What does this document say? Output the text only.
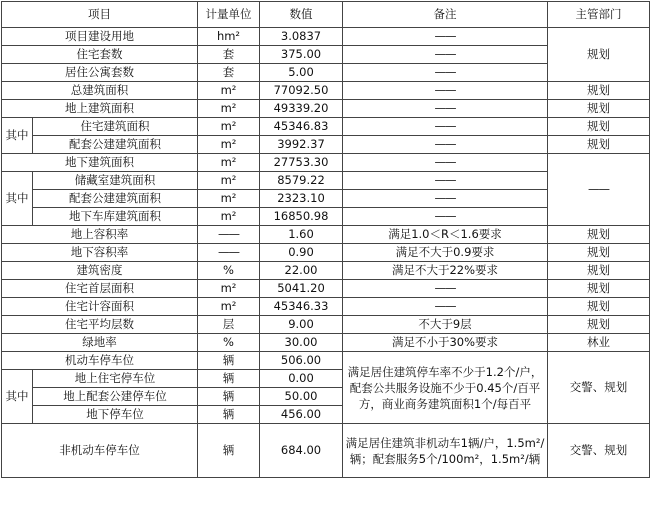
项目		计量单位	数值	备注	主管部门
项目建设用地		hm²	3.0837	——	规划
住宅套数		套	375.00	——	
居住公寓套数		套	5.00	——	
总建筑面积		m²	77092.50	——	规划
地上建筑面积		m²	49339.20	——	规划
其中	住宅建筑面积	m²	45346.83	——	规划
	配套公建建筑面积	m²	3992.37	——	规划
地下建筑面积		m²	27753.30	——	——
其中	储藏室建筑面积	m²	8579.22	——	
	配套公建建筑面积	m²	2323.10	——	
	地下车库建筑面积	m²	16850.98	——	
地上容积率		——	1.60	满足1.0＜R＜1.6要求	规划
地下容积率		——	0.90	满足不大于0.9要求	规划
建筑密度		%	22.00	满足不大于22%要求	规划
住宅首层面积		m²	5041.20	——	规划
住宅计容面积		m²	45346.33	——	规划
住宅平均层数		层	9.00	不大于9层	规划
绿地率		%	30.00	满足不小于30%要求	林业
机动车停车位		辆	506.00	满足居住建筑停车率不少于1.2个/户，配套公共服务设施不少于0.45个/百平方，商业商务建筑面积1个/每百平	交警、规划
其中	地上住宅停车位	辆	0.00		
	地上配套公建停车位	辆	50.00		
	地下停车位	辆	456.00		
非机动车停车位		辆	684.00	满足居住建筑非机动车1辆/户，1.5m²/辆；配套服务5个/100m²，1.5m²/辆	交警、规划
